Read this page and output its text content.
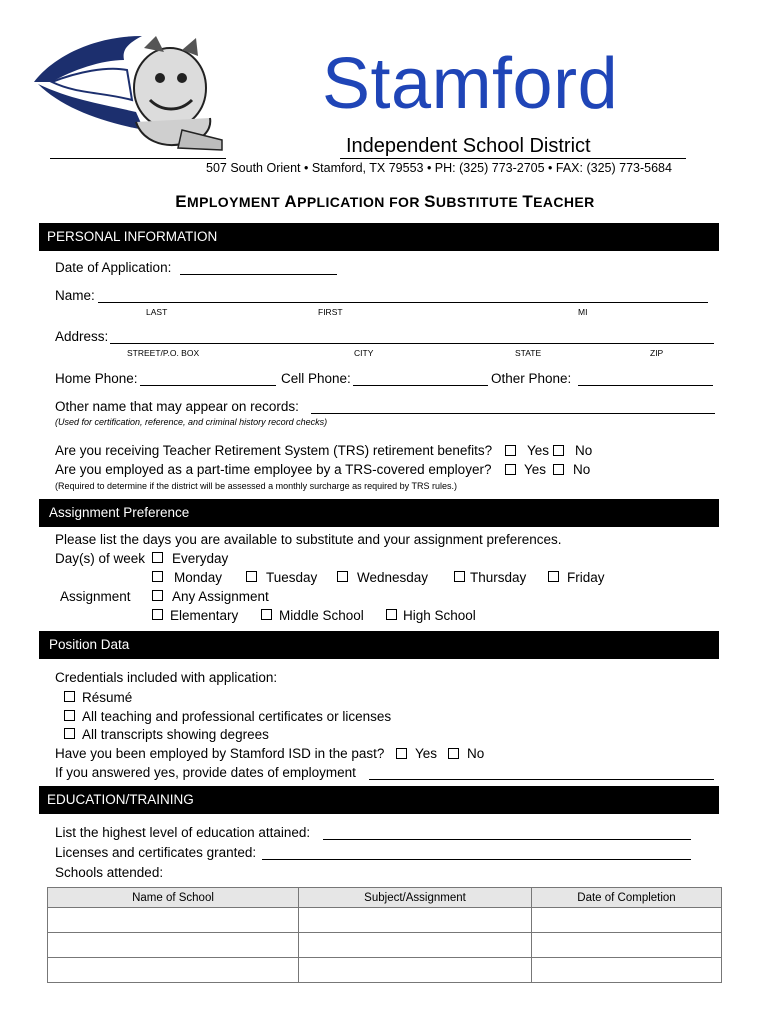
Stamford
Independent School District
507 South Orient • Stamford, TX 79553 • PH: (325) 773-2705 • FAX: (325) 773-5684
EMPLOYMENT APPLICATION FOR SUBSTITUTE TEACHER
PERSONAL INFORMATION
Date of Application:
Name:
LAST	FIRST	MI
Address:
STREET/P.O. BOX	CITY	STATE	ZIP
Home Phone:	Cell Phone:	Other Phone:
Other name that may appear on records:
(Used for certification, reference, and criminal history record checks)
Are you receiving Teacher Retirement System (TRS) retirement benefits?	Yes No
Are you employed as a part-time employee by a TRS-covered employer? Yes No
(Required to determine if the district will be assessed a monthly surcharge as required by TRS rules.)
Assignment Preference
Please list the days you are available to substitute and your assignment preferences.
Day(s) of week Everyday
Monday	Tuesday	Wednesday	Thursday	Friday
Assignment	Any Assignment
Elementary	Middle School	High School
Position Data
Credentials included with application:
Résumé
All teaching and professional certificates or licenses
All transcripts showing degrees
Have you been employed by Stamford ISD in the past? Yes No
If you answered yes, provide dates of employment
EDUCATION/TRAINING
List the highest level of education attained:
Licenses and certificates granted:
Schools attended:
Name of School	Subject/Assignment	Date of Completion
